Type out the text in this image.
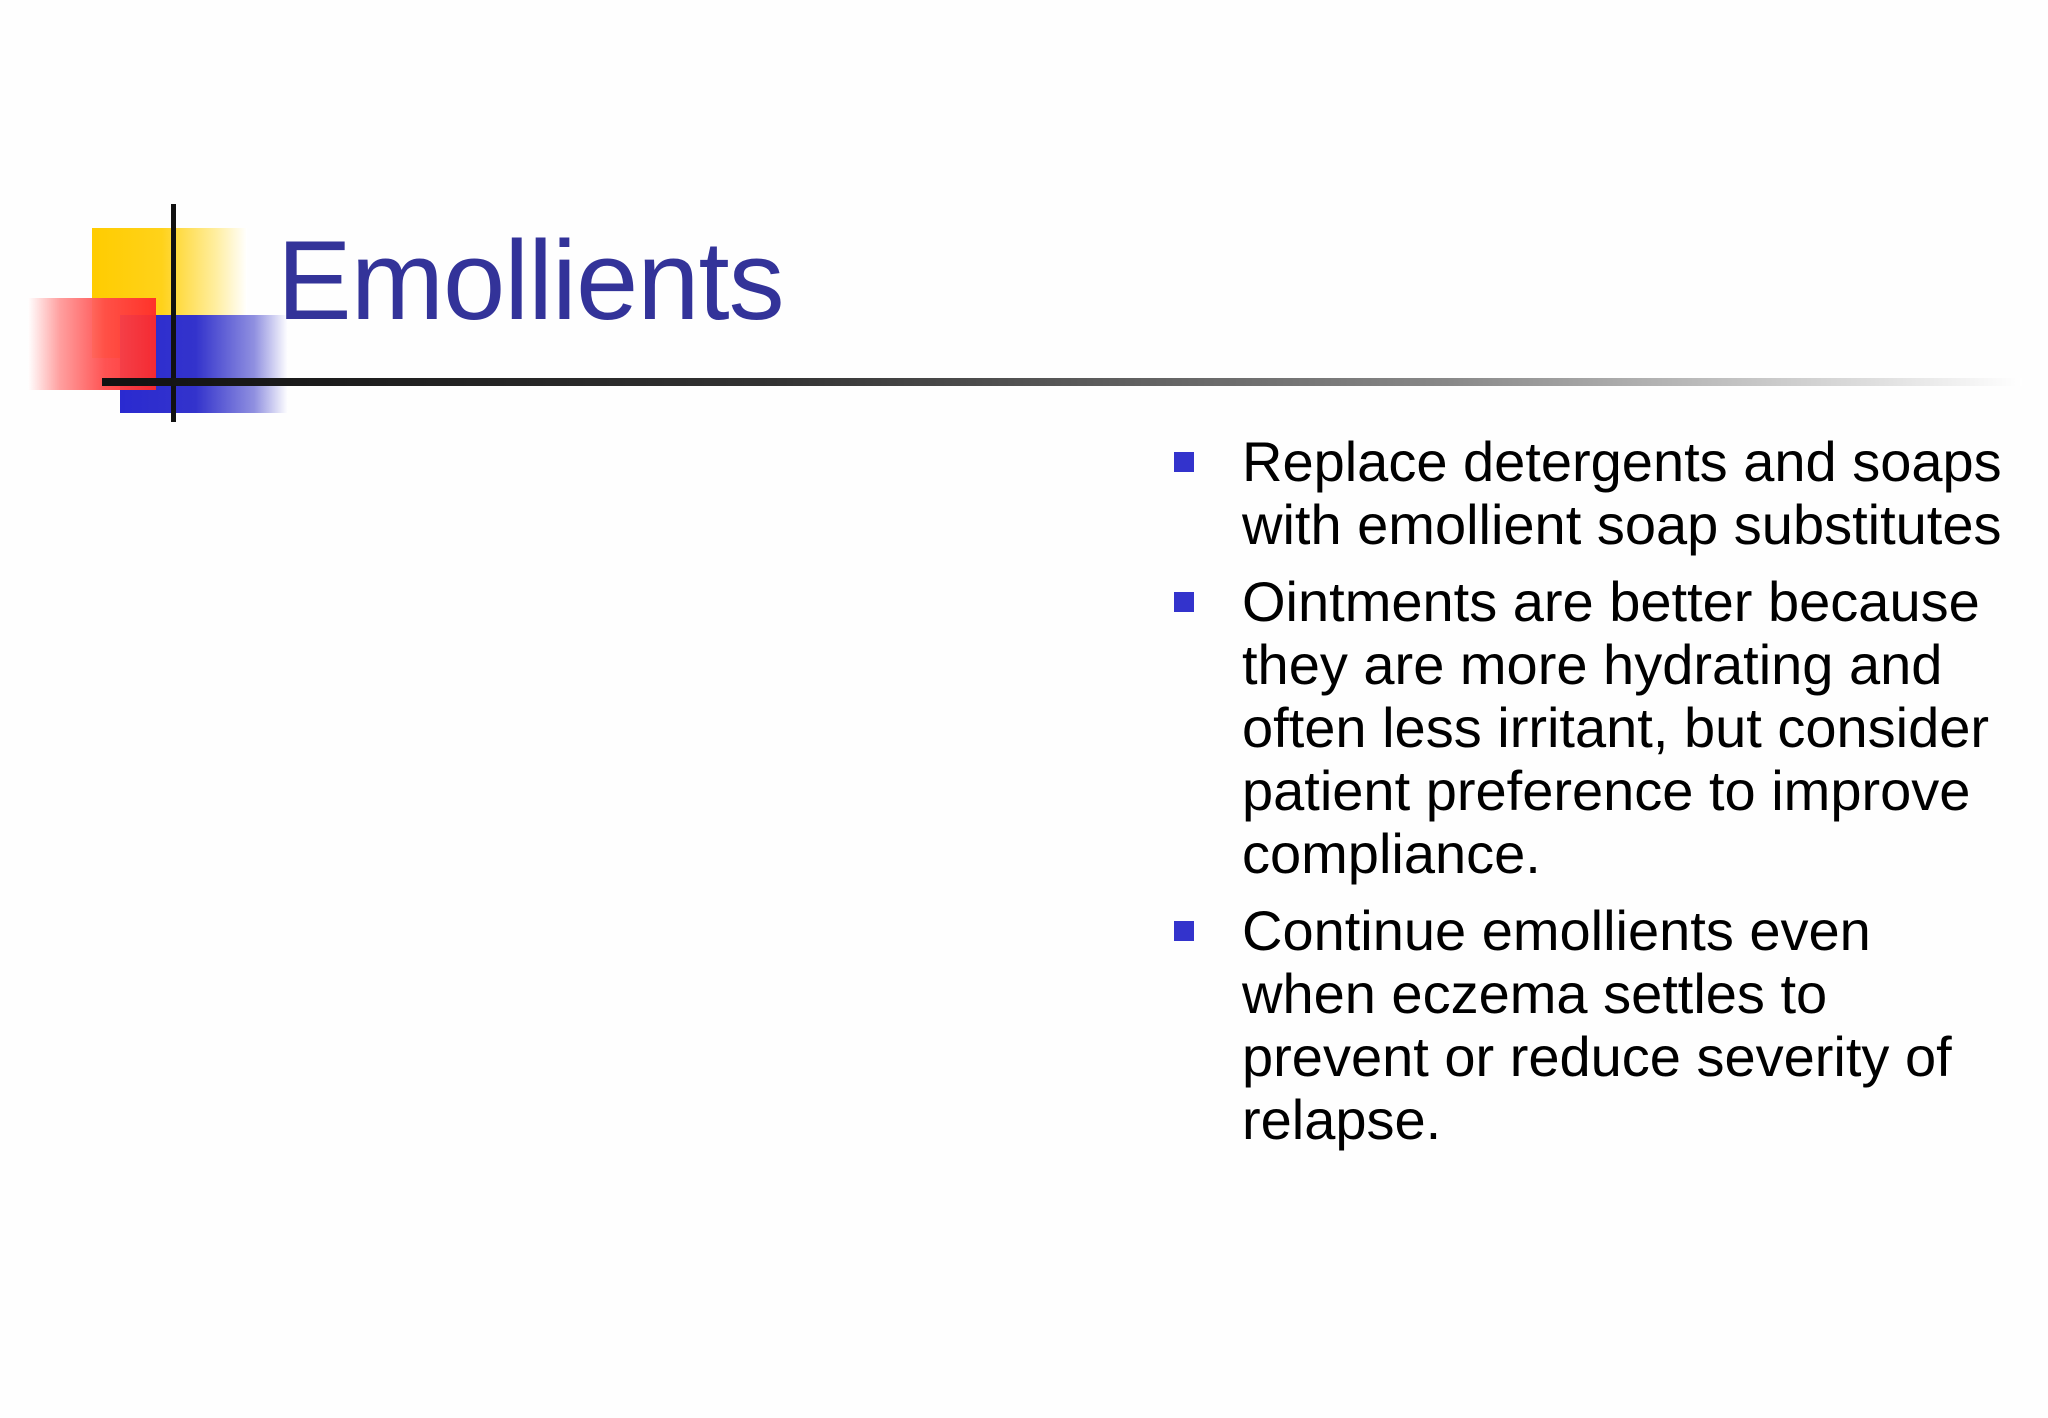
Emollients
Replace detergents and soaps with emollient soap substitutes
Ointments are better because they are more hydrating and often less irritant, but consider patient preference to improve compliance.
Continue emollients even when eczema settles to prevent or reduce severity of relapse.
